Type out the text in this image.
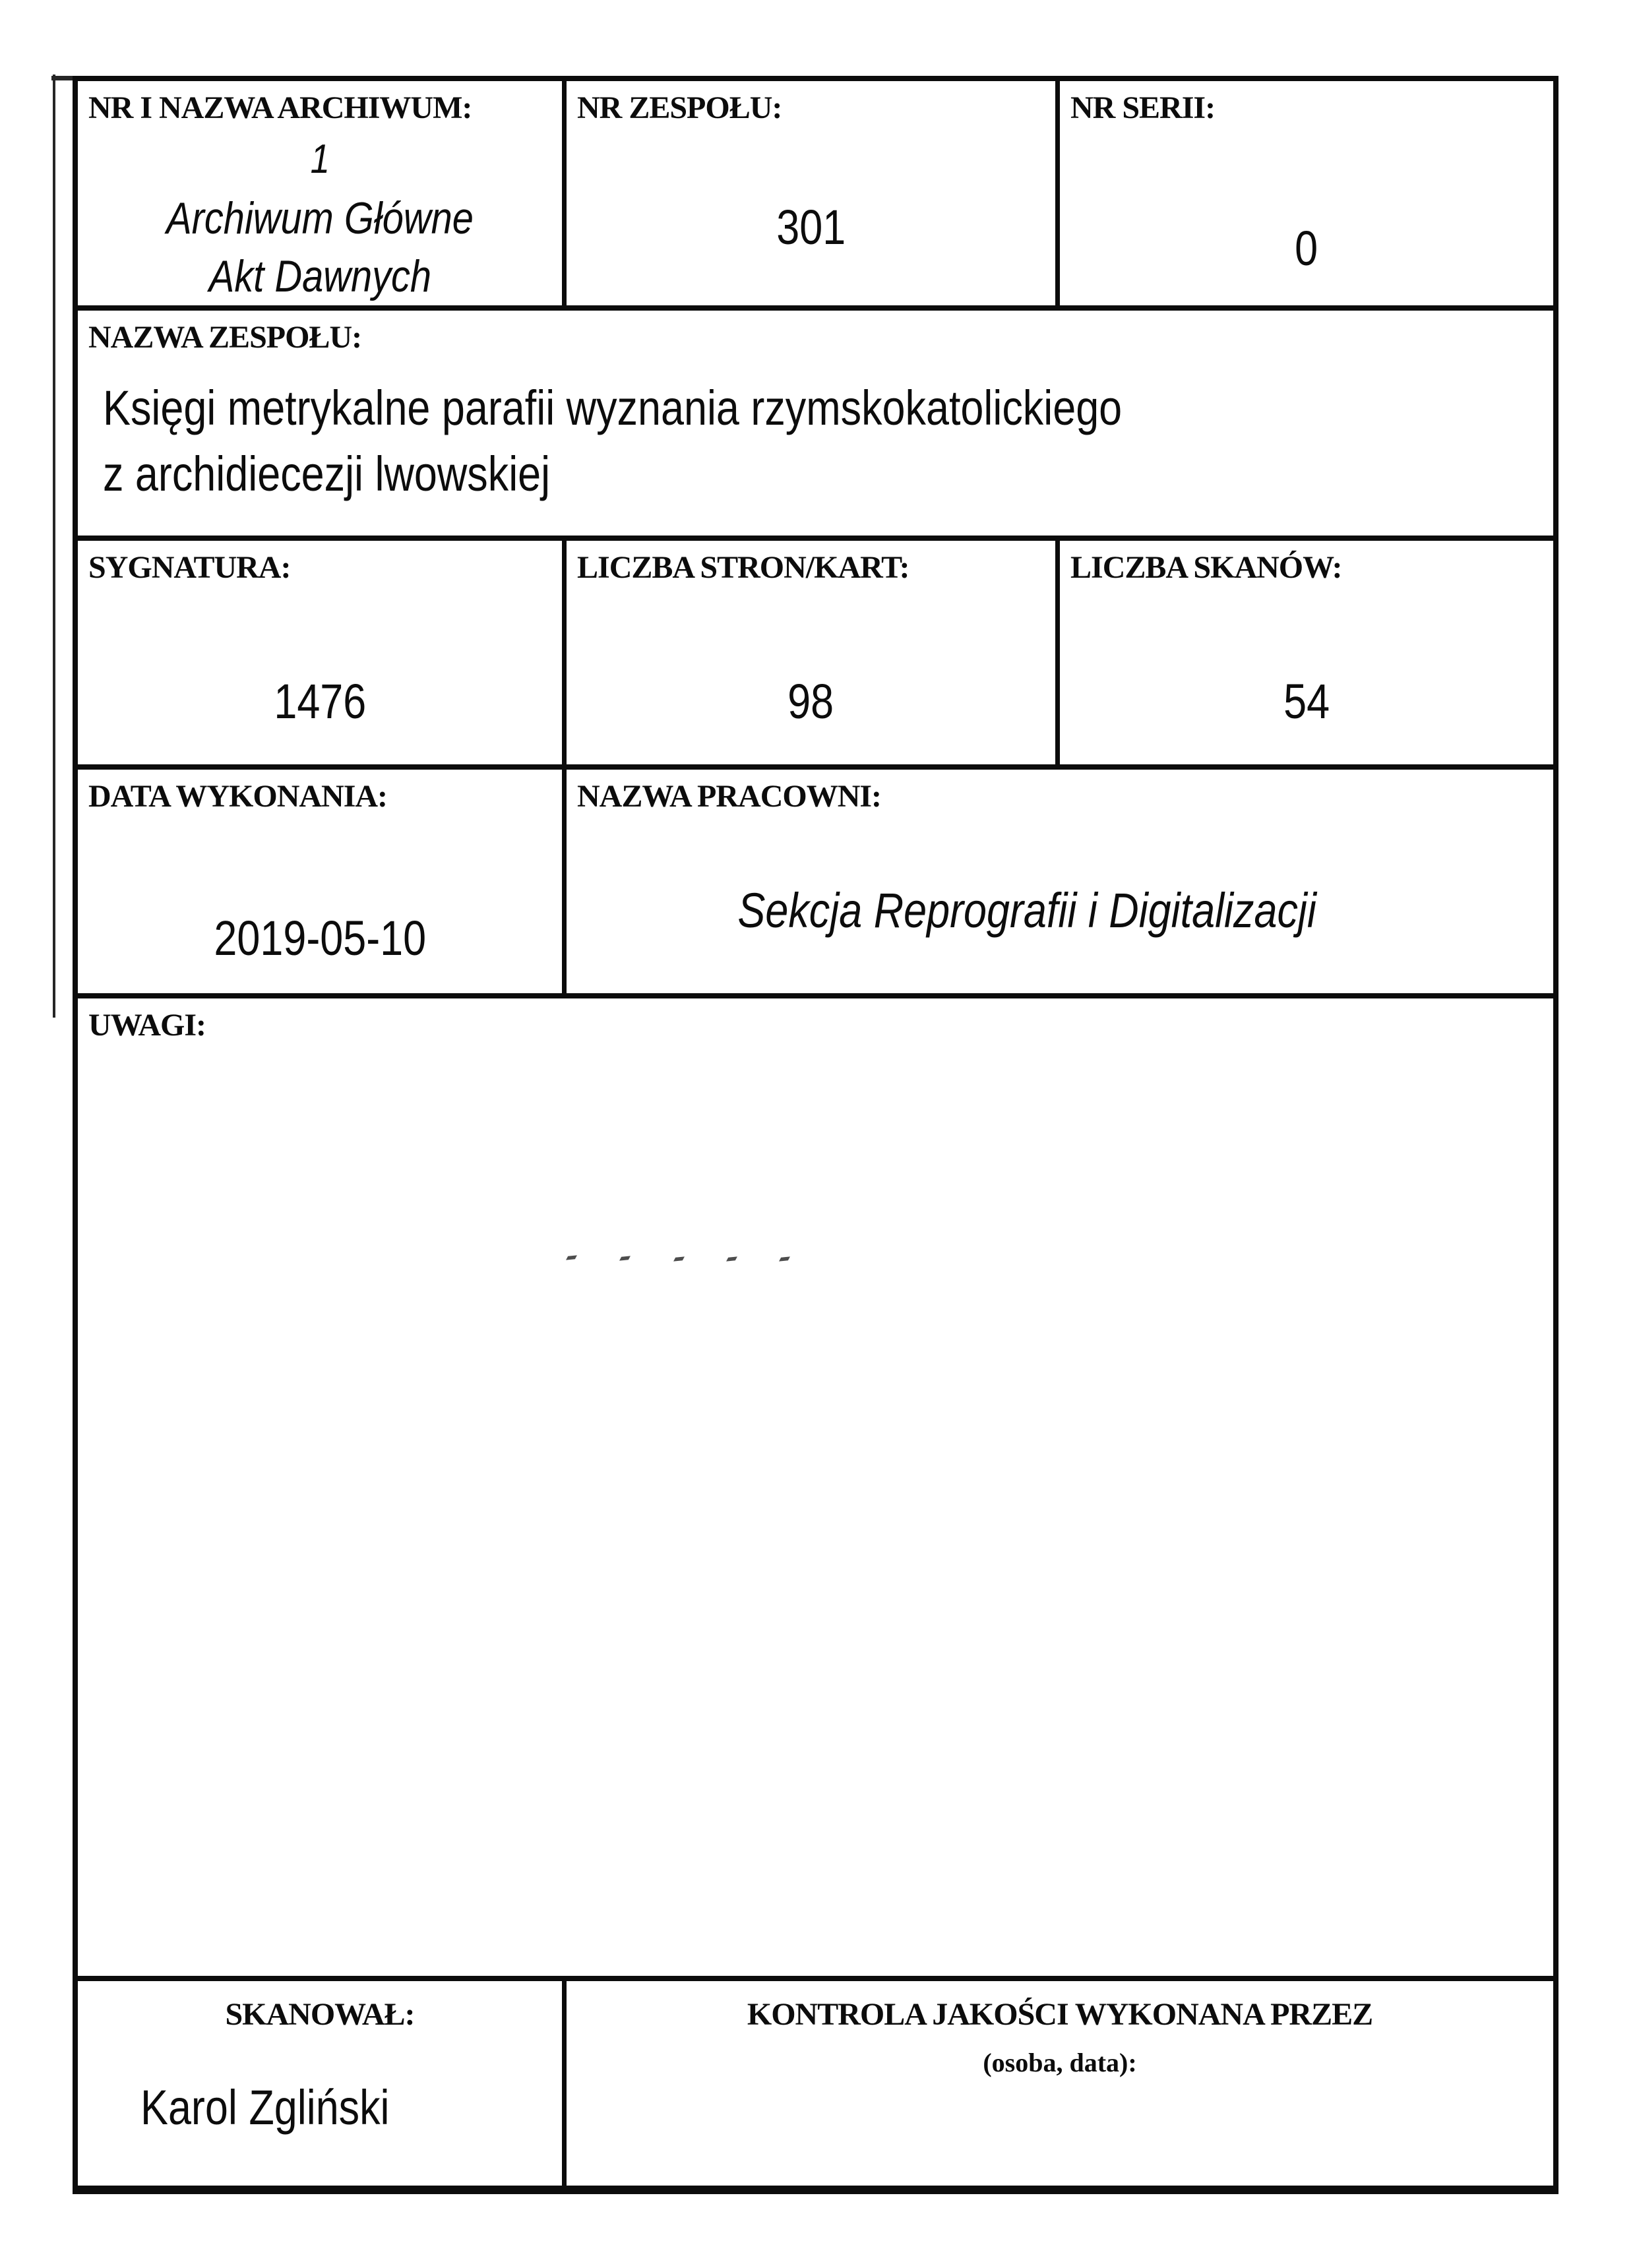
NR I NAZWA ARCHIWUM:
1
Archiwum Główne
Akt Dawnych
NR ZESPOŁU:
301
NR SERII:
0
NAZWA ZESPOŁU:
Księgi metrykalne parafii wyznania rzymskokatolickiego
z archidiecezji lwowskiej
SYGNATURA:
1476
LICZBA STRON/KART:
98
LICZBA SKANÓW:
54
DATA WYKONANIA:
2019-05-10
NAZWA PRACOWNI:
Sekcja Reprografii i Digitalizacji
UWAGI:
SKANOWAŁ:
Karol Zgliński
KONTROLA JAKOŚCI WYKONANA PRZEZ
(osoba, data):
